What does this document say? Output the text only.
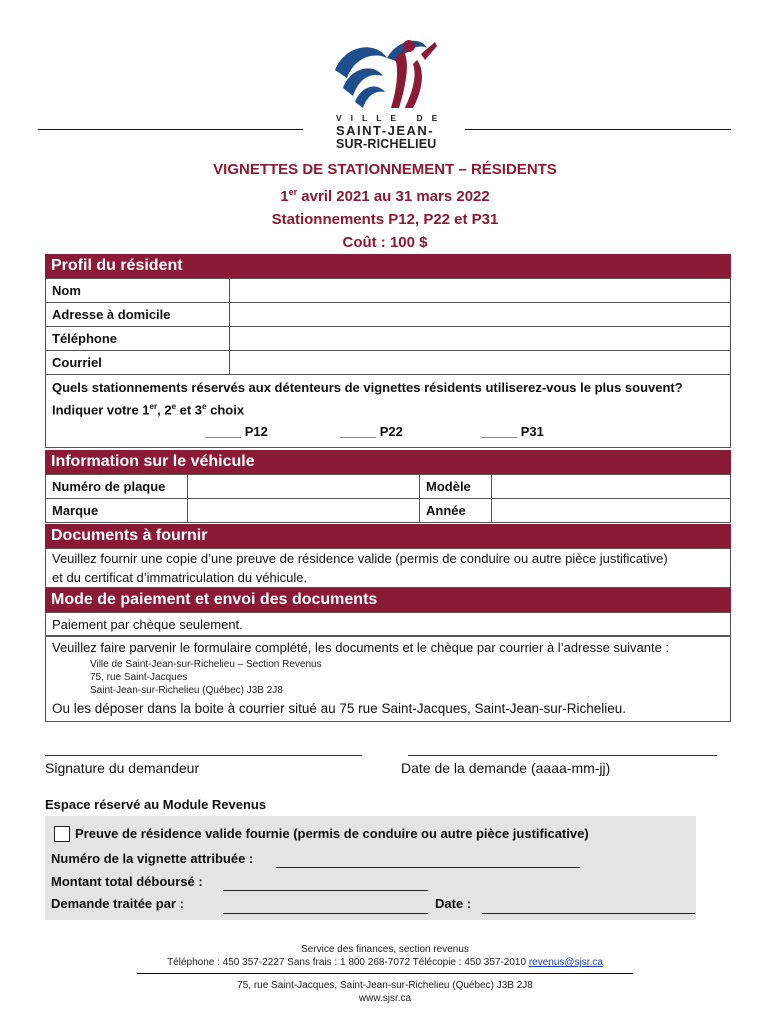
VILLE DE
SAINT-JEAN-
SUR-RICHELIEU
VIGNETTES DE STATIONNEMENT – RÉSIDENTS
1er avril 2021 au 31 mars 2022
Stationnements P12, P22 et P31
Coût : 100 $
Profil du résident
Nom	
Adresse à domicile	
Téléphone	
Courriel	
Quels stationnements réservés aux détenteurs de vignettes résidents utiliserez-vous le plus souvent?
Indiquer votre 1er, 2e et 3e choix
_____ P12	_____ P22	_____ P31
Information sur le véhicule
Numéro de plaque		Modèle	
Marque		Année	
Documents à fournir
Veuillez fournir une copie d’une preuve de résidence valide (permis de conduire ou autre pièce justificative)
et du certificat d’immatriculation du véhicule.
Mode de paiement et envoi des documents
Paiement par chèque seulement.
Veuillez faire parvenir le formulaire complété, les documents et le chèque par courrier à l’adresse suivante :
Ville de Saint-Jean-sur-Richelieu – Section Revenus
75, rue Saint-Jacques
Saint-Jean-sur-Richelieu (Québec) J3B 2J8
Ou les déposer dans la boite à courrier situé au 75 rue Saint-Jacques, Saint-Jean-sur-Richelieu.
Signature du demandeur	Date de la demande (aaaa-mm-jj)
Espace réservé au Module Revenus
Preuve de résidence valide fournie (permis de conduire ou autre pièce justificative)
Numéro de la vignette attribuée :
Montant total déboursé :
Demande traitée par :	Date :
Service des finances, section revenus
Téléphone : 450 357-2227 Sans frais : 1 800 268-7072 Télécopie : 450 357-2010 revenus@sjsr.ca
75, rue Saint-Jacques, Saint-Jean-sur-Richelieu (Québec) J3B 2J8
www.sjsr.ca
